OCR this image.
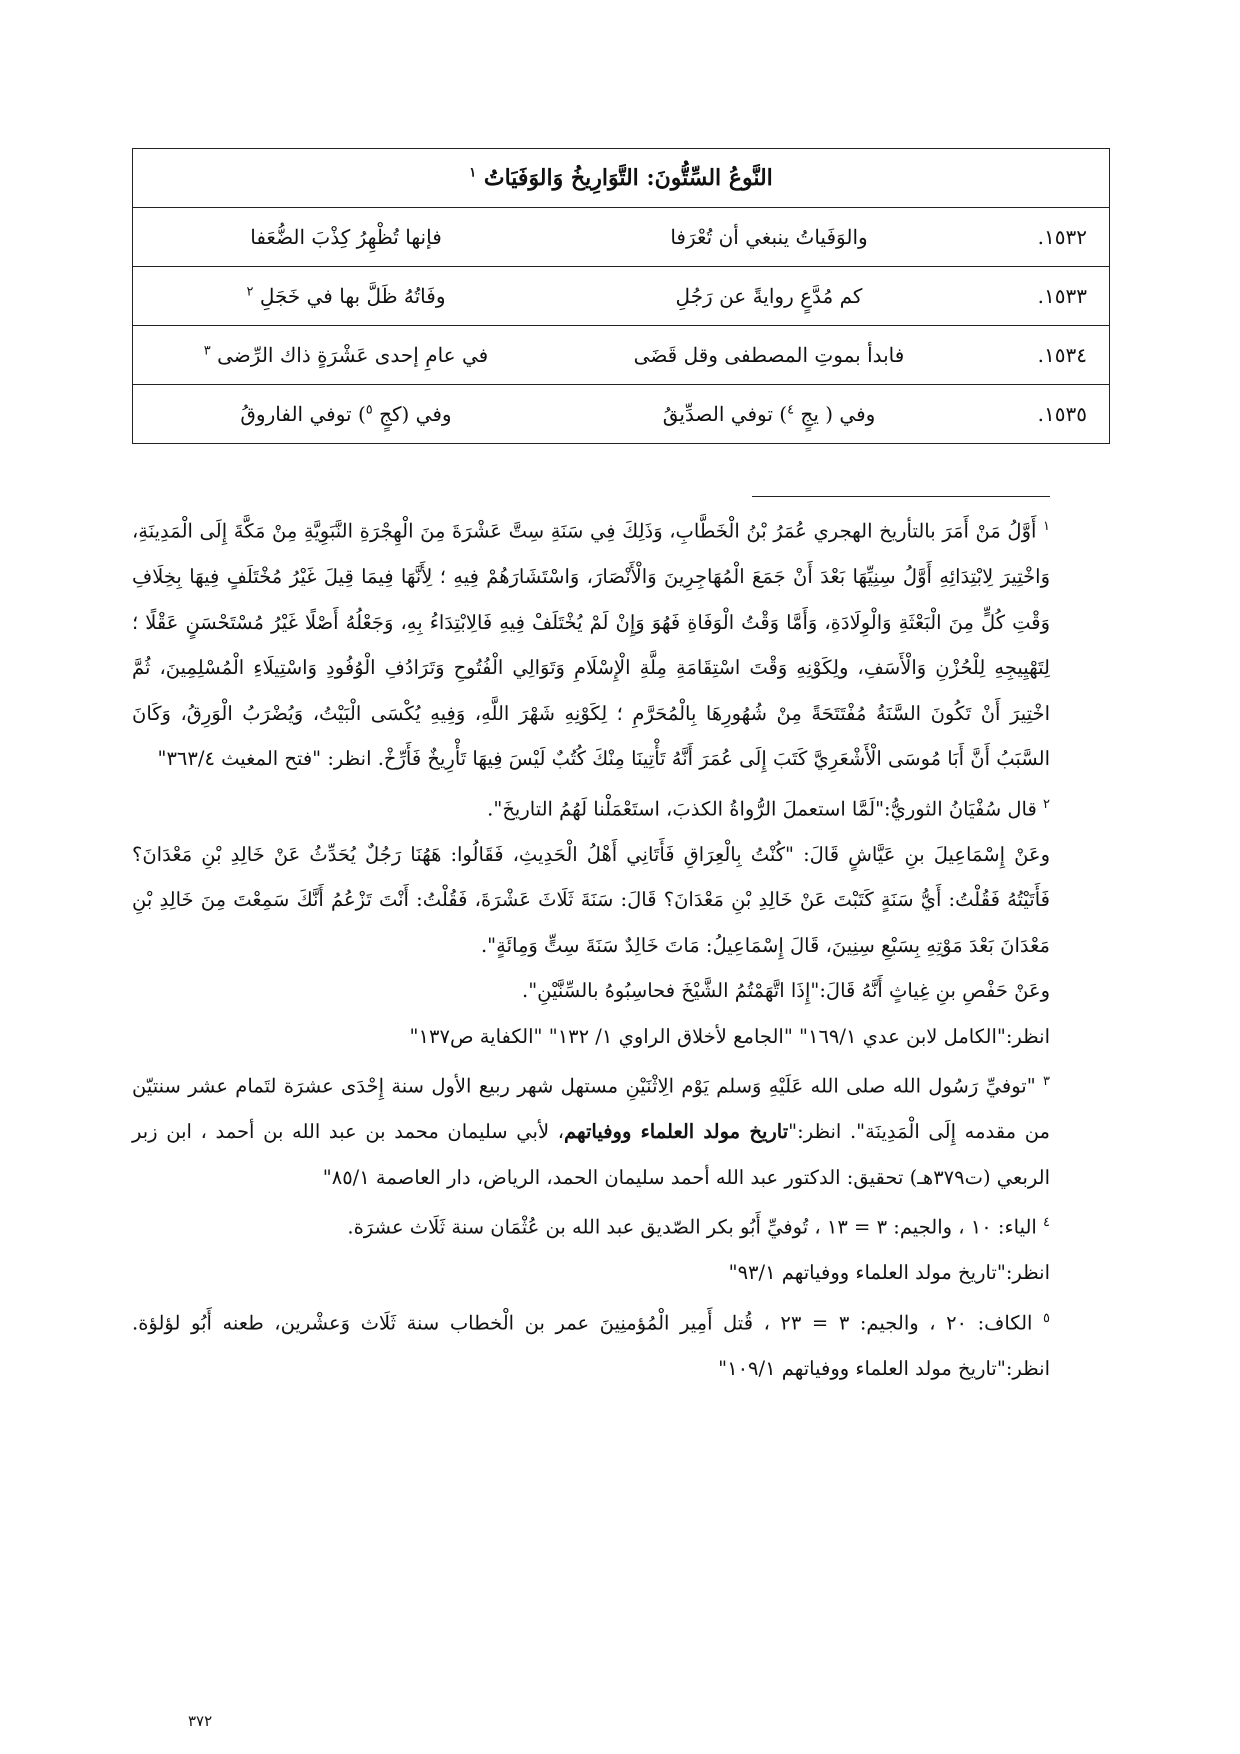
النَّوعُ السِّتُّونَ: التَّوَارِيخُ وَالوَفَيَاتُ $^١$

١٥٣٢.
والوَفَياتُ ينبغي أن تُعْرَفا
فإنها تُظْهِرُ كِذْبَ الضُّعَفا

١٥٣٣.
كم مُدَّعٍ روايةً عن رَجُلِ
وفَاتُهُ ظَلَّ بها في خَجَلِ $^٢$

١٥٣٤.
فابدأ بموتِ المصطفى وقل قَضَى
في عامِ إحدى عَشْرَةٍ ذاك الرِّضى $^٣$

١٥٣٥.
وفي ( يجٍ $^٤$) توفي الصدِّيقُ
وفي (كجٍ $^٥$) توفي الفاروقُ

$^١$ أَوَّلُ مَنْ أَمَرَ بالتأريخ الهجري عُمَرُ بْنُ الْخَطَّابِ، وَذَلِكَ فِي سَنَةِ سِتَّ عَشْرَةَ مِنَ الْهِجْرَةِ النَّبَوِيَّةِ مِنْ مَكَّةَ إِلَى الْمَدِينَةِ، وَاخْتِيرَ لِابْتِدَائِهِ أَوَّلُ سِنِيِّهَا بَعْدَ أَنْ جَمَعَ الْمُهَاجِرِينَ وَالْأَنْصَارَ، وَاسْتَشَارَهُمْ فِيهِ ؛ لِأَنَّهَا فِيمَا قِيلَ غَيْرُ مُخْتَلَفٍ فِيهَا بِخِلَافِ وَقْتِ كُلٍّ مِنَ الْبَعْثَةِ وَالْوِلَادَةِ، وَأَمَّا وَقْتُ الْوَفَاةِ فَهُوَ وَإِنْ لَمْ يُخْتَلَفْ فِيهِ فَالِابْتِدَاءُ بِهِ، وَجَعْلُهُ أَصْلًا غَيْرُ مُسْتَحْسَنٍ عَقْلًا ؛ لِتَهْيِيجِهِ لِلْحُزْنِ وَالْأَسَفِ، ولِكَوْنِهِ وَقْتَ اسْتِقَامَةِ مِلَّةِ الْإِسْلَامِ وَتَوَالِي الْفُتُوحِ وَتَرَادُفِ الْوُفُودِ وَاسْتِيلَاءِ الْمُسْلِمِينَ، ثُمَّ اخْتِيرَ أَنْ تَكُونَ السَّنَةُ مُفْتَتَحَةً مِنْ شُهُورِهَا بِالْمُحَرَّمِ ؛ لِكَوْنِهِ شَهْرَ اللَّهِ، وَفِيهِ يُكْسَى الْبَيْتُ، وَيُضْرَبُ الْوَرِقُ، وَكَانَ السَّبَبُ أَنَّ أَبَا مُوسَى الْأَشْعَرِيَّ كَتَبَ إِلَى عُمَرَ أَنَّهُ تَأْتِينَا مِنْكَ كُتُبٌ لَيْسَ فِيهَا تَأْرِيخٌ فَأَرِّخْ. انظر: "فتح المغيث ٣٦٣/٤"

$^٢$ قال سُفْيَانُ الثوريُّ:"لَمَّا استعملَ الرُّواةُ الكذبَ، استَعْمَلْنا لَهُمُ التاريخَ".

وعَنْ إِسْمَاعِيلَ بنِ عَيَّاشٍ قَالَ: "كُنْتُ بِالْعِرَاقِ فَأَتَانِي أَهْلُ الْحَدِيثِ، فَقَالُوا: هَهُنَا رَجُلٌ يُحَدِّثُ عَنْ خَالِدِ بْنِ مَعْدَانَ؟ فَأَتَيْتُهُ فَقُلْتُ: أَيُّ سَنَةٍ كَتَبْتَ عَنْ خَالِدِ بْنِ مَعْدَانَ؟ قَالَ: سَنَةَ ثَلَاثَ عَشْرَةَ، فَقُلْتُ: أَنْتَ تَزْعُمُ أَنَّكَ سَمِعْتَ مِنَ خَالِدِ بْنِ مَعْدَانَ بَعْدَ مَوْتِهِ بِسَبْعِ سِنِينَ، قَالَ إِسْمَاعِيلُ: مَاتَ خَالِدٌ سَنَةَ سِتٍّ وَمِائَةٍ".

وعَنْ حَفْصِ بنِ غِياثٍ أَنَّهُ قَالَ:"إِذَا اتَّهَمْتُمُ الشَّيْخَ فحاسِبُوهُ بالسِّنَّيْنِ".

انظر:"الكامل لابن عدي ١٦٩/١" "الجامع لأخلاق الراوي ١/ ١٣٢" "الكفاية ص١٣٧"

$^٣$ "توفيِّ رَسُول الله صلى الله عَلَيْهِ وَسلم يَوْم الِاثْنَيْنِ مستهل شهر ربيع الأول سنة إِحْدَى عشرَة لتَمام عشر سنتيّن من مقدمه إِلَى الْمَدِينَة". انظر:"تاريخ مولد العلماء ووفياتهم، لأبي سليمان محمد بن عبد الله بن أحمد ، ابن زبر الربعي (ت٣٧٩هـ) تحقيق: الدكتور عبد الله أحمد سليمان الحمد، الرياض، دار العاصمة ٨٥/١"

$^٤$ الياء: ١٠ ، والجيم: ٣ = ١٣ ، تُوفيِّ أَبُو بكر الصّديق عبد الله بن عُثْمَان سنة ثَلَاث عشرَة.

انظر:"تاريخ مولد العلماء ووفياتهم ٩٣/١"

$^٥$ الكاف: ٢٠ ، والجيم: ٣ = ٢٣ ، قُتل أَمِير الْمُؤمنِينَ عمر بن الْخطاب سنة ثَلَاث وَعشْرين، طعنه أَبُو لؤلؤة. انظر:"تاريخ مولد العلماء ووفياتهم ١٠٩/١"

٣٧٢
